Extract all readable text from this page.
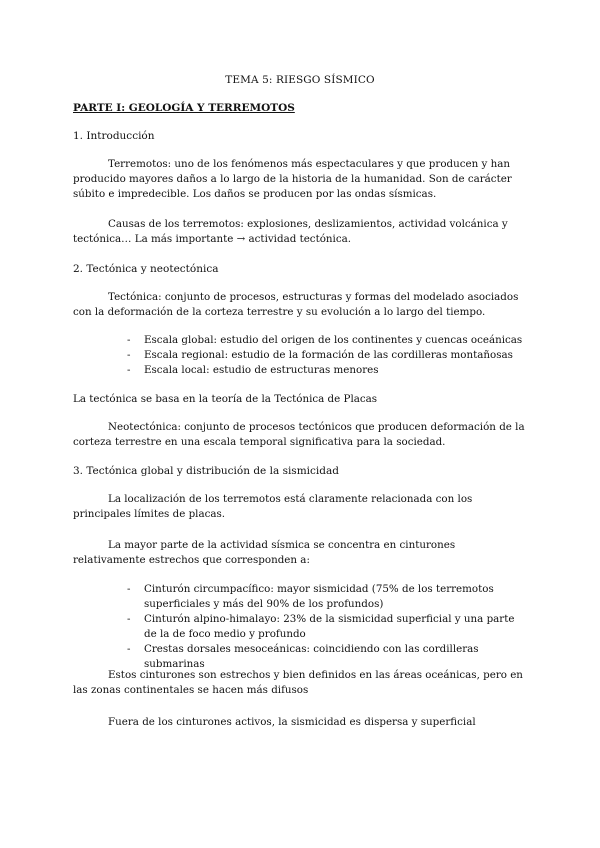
TEMA 5: RIESGO SÍSMICO
PARTE I: GEOLOGÍA Y TERREMOTOS
1. Introducción

Terremotos: uno de los fenómenos más espectaculares y que producen y han producido mayores daños a lo largo de la historia de la humanidad. Son de carácter súbito e impredecible. Los daños se producen por las ondas sísmicas.

Causas de los terremotos: explosiones, deslizamientos, actividad volcánica y tectónica… La más importante → actividad tectónica.

2. Tectónica y neotectónica

Tectónica: conjunto de procesos, estructuras y formas del modelado asociados con la deformación de la corteza terrestre y su evolución a lo largo del tiempo.

- Escala global: estudio del origen de los continentes y cuencas oceánicas
- Escala regional: estudio de la formación de las cordilleras montañosas
- Escala local: estudio de estructuras menores

La tectónica se basa en la teoría de la Tectónica de Placas

Neotectónica: conjunto de procesos tectónicos que producen deformación de la corteza terrestre en una escala temporal significativa para la sociedad.

3. Tectónica global y distribución de la sismicidad

La localización de los terremotos está claramente relacionada con los principales límites de placas.

La mayor parte de la actividad sísmica se concentra en cinturones relativamente estrechos que corresponden a:

- Cinturón circumpacífico: mayor sismicidad (75% de los terremotos superficiales y más del 90% de los profundos)
- Cinturón alpino-himalayo: 23% de la sismicidad superficial y una parte de la de foco medio y profundo
- Crestas dorsales mesoceánicas: coincidiendo con las cordilleras submarinas

Estos cinturones son estrechos y bien definidos en las áreas oceánicas, pero en las zonas continentales se hacen más difusos

Fuera de los cinturones activos, la sismicidad es dispersa y superficial
